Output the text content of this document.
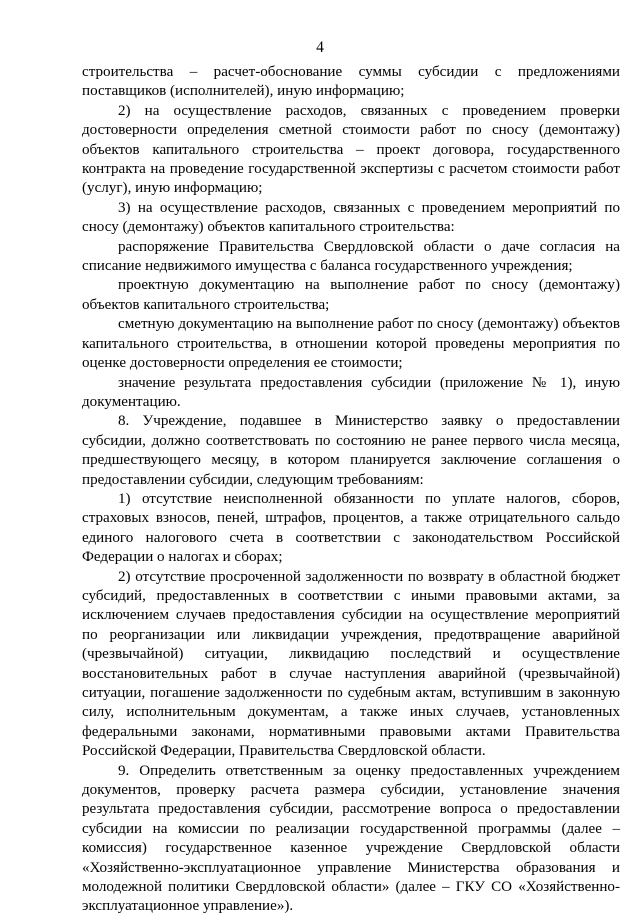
4

строительства – расчет-обоснование суммы субсидии с предложениями поставщиков (исполнителей), иную информацию;

2) на осуществление расходов, связанных с проведением проверки достоверности определения сметной стоимости работ по сносу (демонтажу) объектов капитального строительства – проект договора, государственного контракта на проведение государственной экспертизы с расчетом стоимости работ (услуг), иную информацию;

3) на осуществление расходов, связанных с проведением мероприятий по сносу (демонтажу) объектов капитального строительства:

распоряжение Правительства Свердловской области о даче согласия на списание недвижимого имущества с баланса государственного учреждения;

проектную документацию на выполнение работ по сносу (демонтажу) объектов капитального строительства;

сметную документацию на выполнение работ по сносу (демонтажу) объектов капитального строительства, в отношении которой проведены мероприятия по оценке достоверности определения ее стоимости;

значение результата предоставления субсидии (приложение № 1), иную документацию.

8. Учреждение, подавшее в Министерство заявку о предоставлении субсидии, должно соответствовать по состоянию не ранее первого числа месяца, предшествующего месяцу, в котором планируется заключение соглашения о предоставлении субсидии, следующим требованиям:

1) отсутствие неисполненной обязанности по уплате налогов, сборов, страховых взносов, пеней, штрафов, процентов, а также отрицательного сальдо единого налогового счета в соответствии с законодательством Российской Федерации о налогах и сборах;

2) отсутствие просроченной задолженности по возврату в областной бюджет субсидий, предоставленных в соответствии с иными правовыми актами, за исключением случаев предоставления субсидии на осуществление мероприятий по реорганизации или ликвидации учреждения, предотвращение аварийной (чрезвычайной) ситуации, ликвидацию последствий и осуществление восстановительных работ в случае наступления аварийной (чрезвычайной) ситуации, погашение задолженности по судебным актам, вступившим в законную силу, исполнительным документам, а также иных случаев, установленных федеральными законами, нормативными правовыми актами Правительства Российской Федерации, Правительства Свердловской области.

9. Определить ответственным за оценку предоставленных учреждением документов, проверку расчета размера субсидии, установление значения результата предоставления субсидии, рассмотрение вопроса о предоставлении субсидии на комиссии по реализации государственной программы (далее – комиссия) государственное казенное учреждение Свердловской области «Хозяйственно-эксплуатационное управление Министерства образования и молодежной политики Свердловской области» (далее – ГКУ СО «Хозяйственно-эксплуатационное управление»).
